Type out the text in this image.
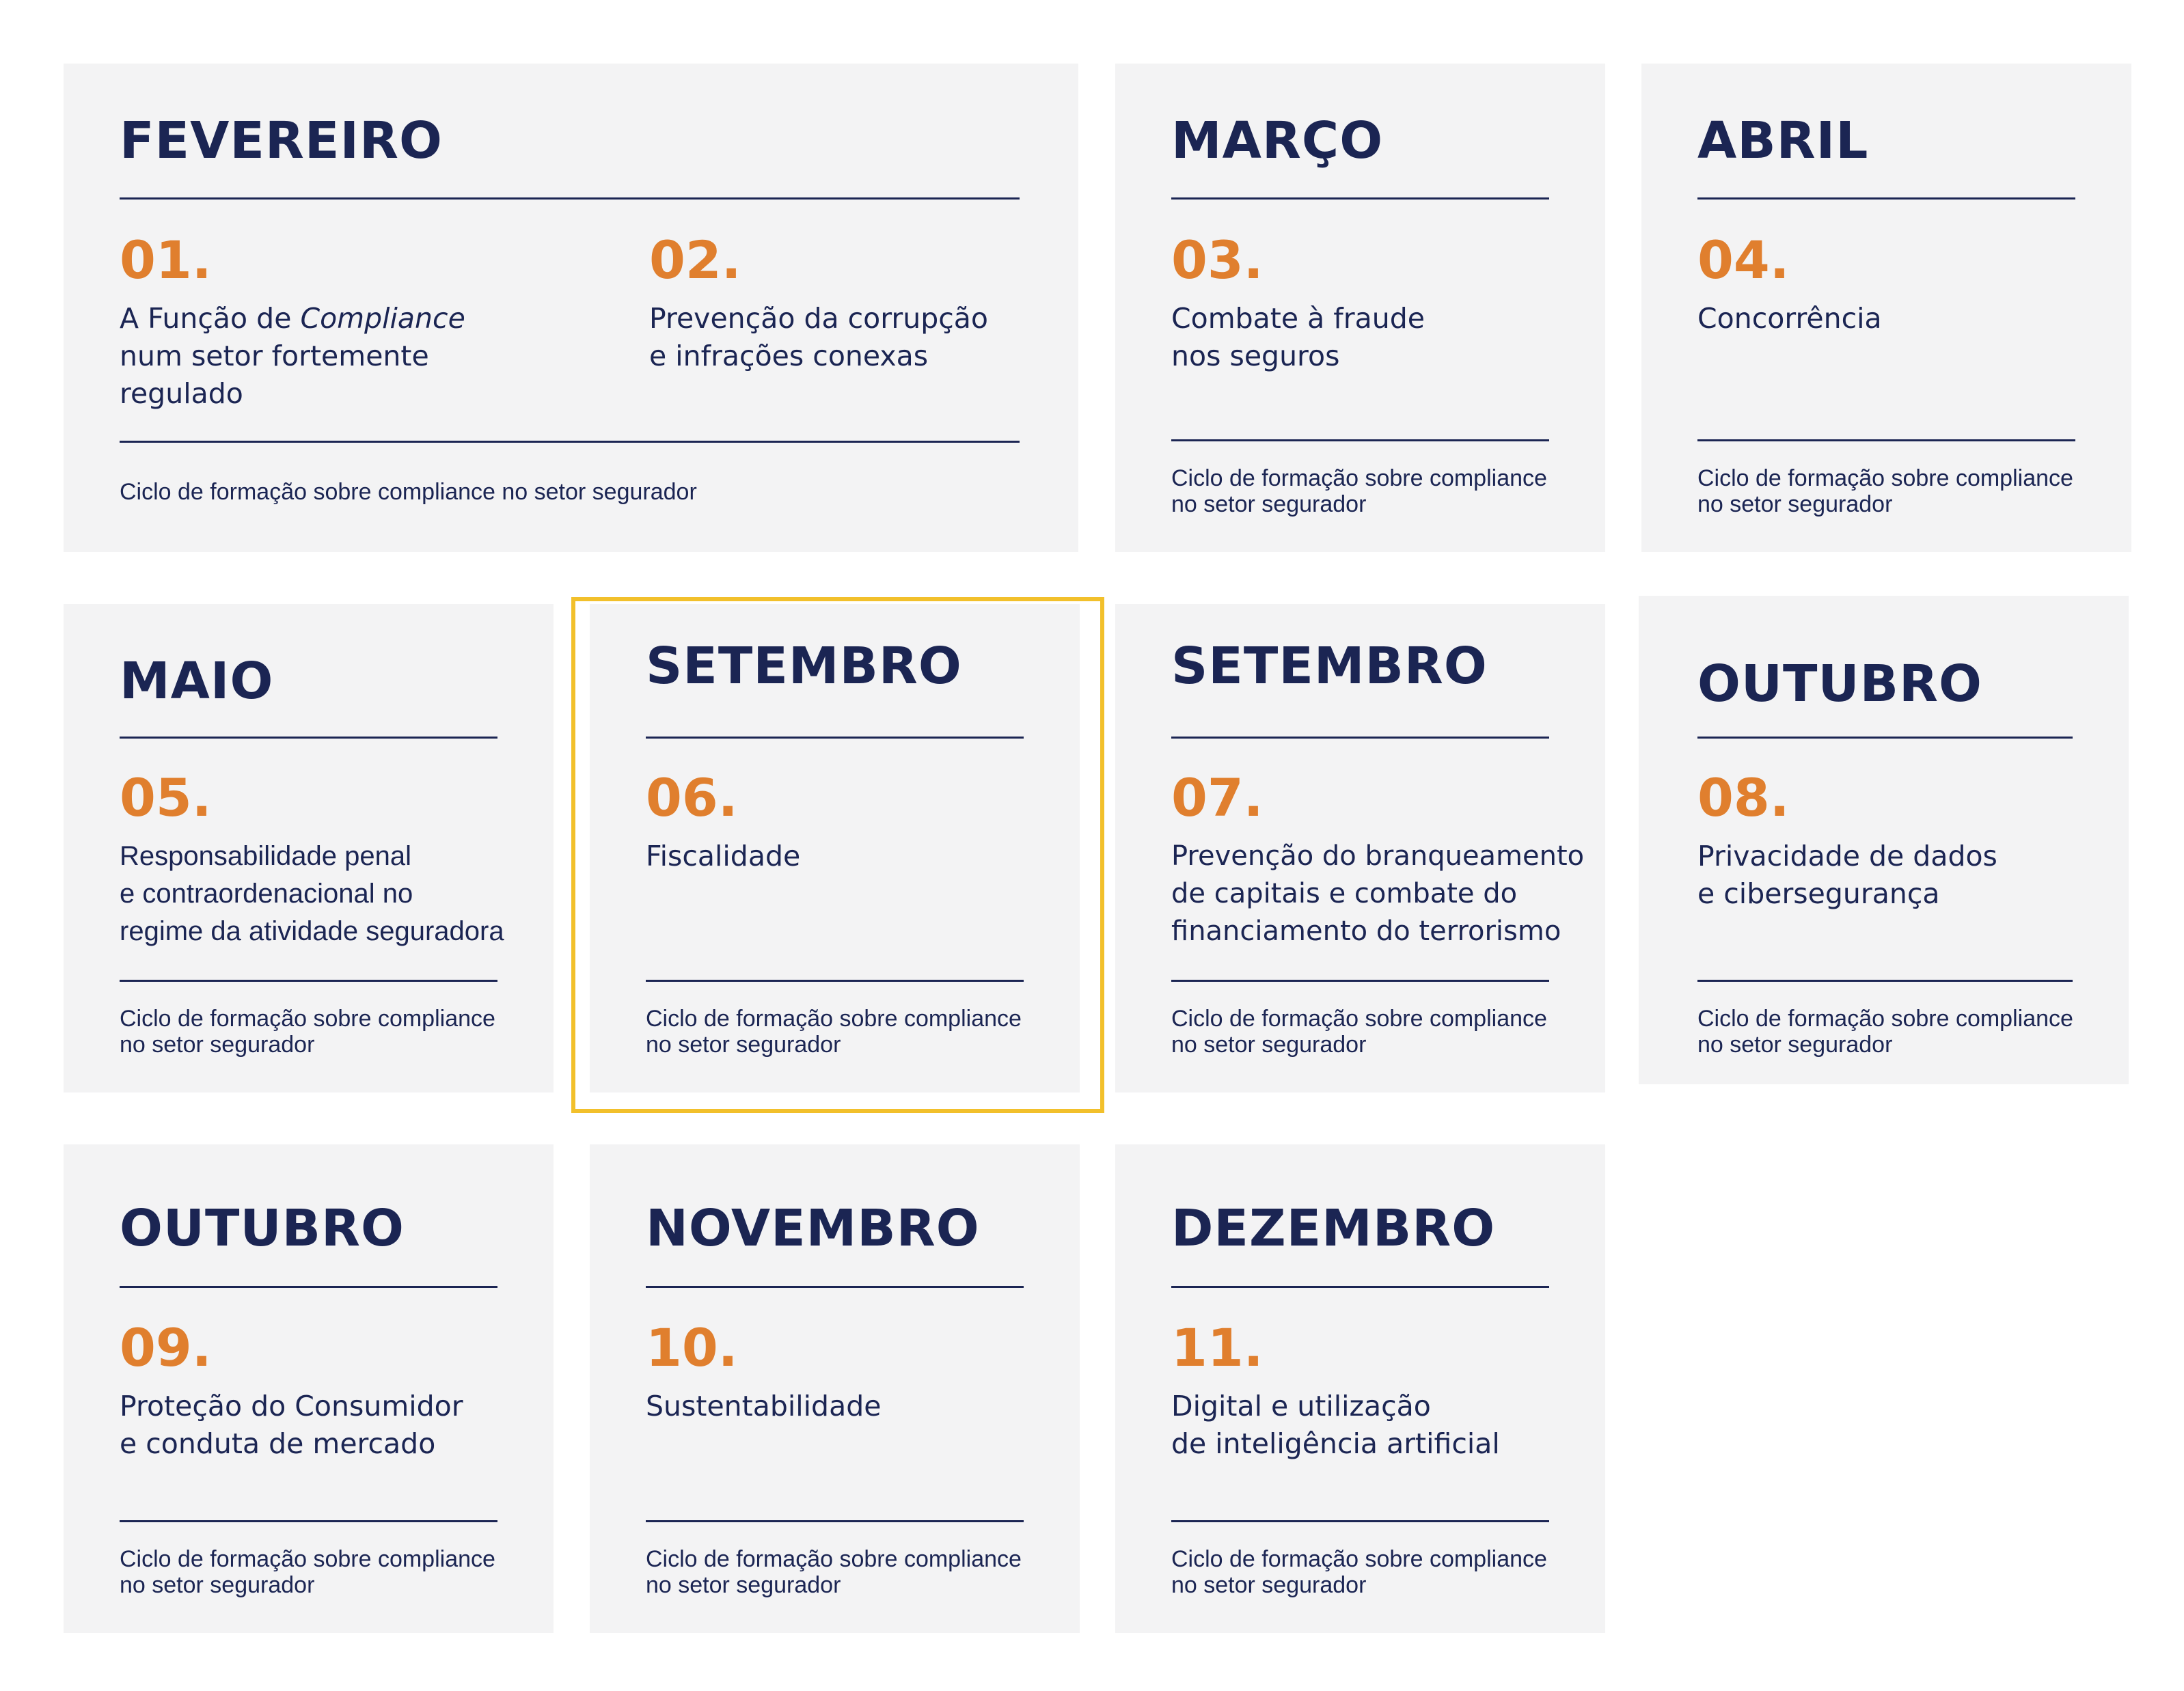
FEVEREIRO

01.

A Função de Compliance
num setor fortemente
regulado

02.

Prevenção da corrupção
e infrações conexas

Ciclo de formação sobre compliance no setor segurador

MARÇO

03.

Combate à fraude
nos seguros

Ciclo de formação sobre compliance
no setor segurador

ABRIL

04.

Concorrência

Ciclo de formação sobre compliance
no setor segurador

MAIO

05.

Responsabilidade penal
e contraordenacional no
regime da atividade seguradora

Ciclo de formação sobre compliance
no setor segurador

SETEMBRO

06.

Fiscalidade

Ciclo de formação sobre compliance
no setor segurador

SETEMBRO

07.

Prevenção do branqueamento
de capitais e combate do
financiamento do terrorismo

Ciclo de formação sobre compliance
no setor segurador

OUTUBRO

08.

Privacidade de dados
e cibersegurança

Ciclo de formação sobre compliance
no setor segurador

OUTUBRO

09.

Proteção do Consumidor
e conduta de mercado

Ciclo de formação sobre compliance
no setor segurador

NOVEMBRO

10.

Sustentabilidade

Ciclo de formação sobre compliance
no setor segurador

DEZEMBRO

11.

Digital e utilização
de inteligência artificial

Ciclo de formação sobre compliance
no setor segurador
